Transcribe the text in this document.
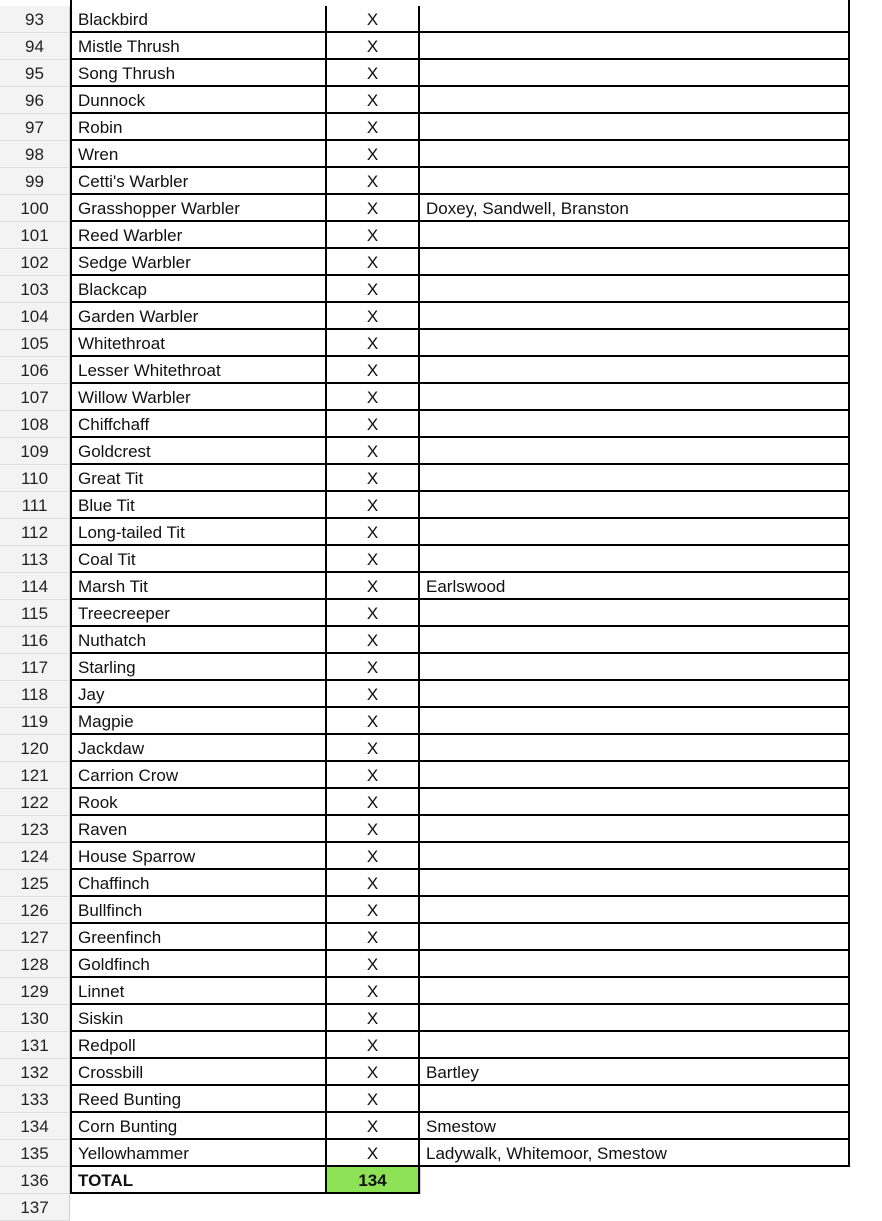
93	Blackbird	X
94	Mistle Thrush	X
95	Song Thrush	X
96	Dunnock	X
97	Robin	X
98	Wren	X
99	Cetti's Warbler	X
100	Grasshopper Warbler	X	Doxey, Sandwell, Branston
101	Reed Warbler	X
102	Sedge Warbler	X
103	Blackcap	X
104	Garden Warbler	X
105	Whitethroat	X
106	Lesser Whitethroat	X
107	Willow Warbler	X
108	Chiffchaff	X
109	Goldcrest	X
110	Great Tit	X
111	Blue Tit	X
112	Long-tailed Tit	X
113	Coal Tit	X
114	Marsh Tit	X	Earlswood
115	Treecreeper	X
116	Nuthatch	X
117	Starling	X
118	Jay	X
119	Magpie	X
120	Jackdaw	X
121	Carrion Crow	X
122	Rook	X
123	Raven	X
124	House Sparrow	X
125	Chaffinch	X
126	Bullfinch	X
127	Greenfinch	X
128	Goldfinch	X
129	Linnet	X
130	Siskin	X
131	Redpoll	X
132	Crossbill	X	Bartley
133	Reed Bunting	X
134	Corn Bunting	X	Smestow
135	Yellowhammer	X	Ladywalk, Whitemoor, Smestow
136	TOTAL	134
137
